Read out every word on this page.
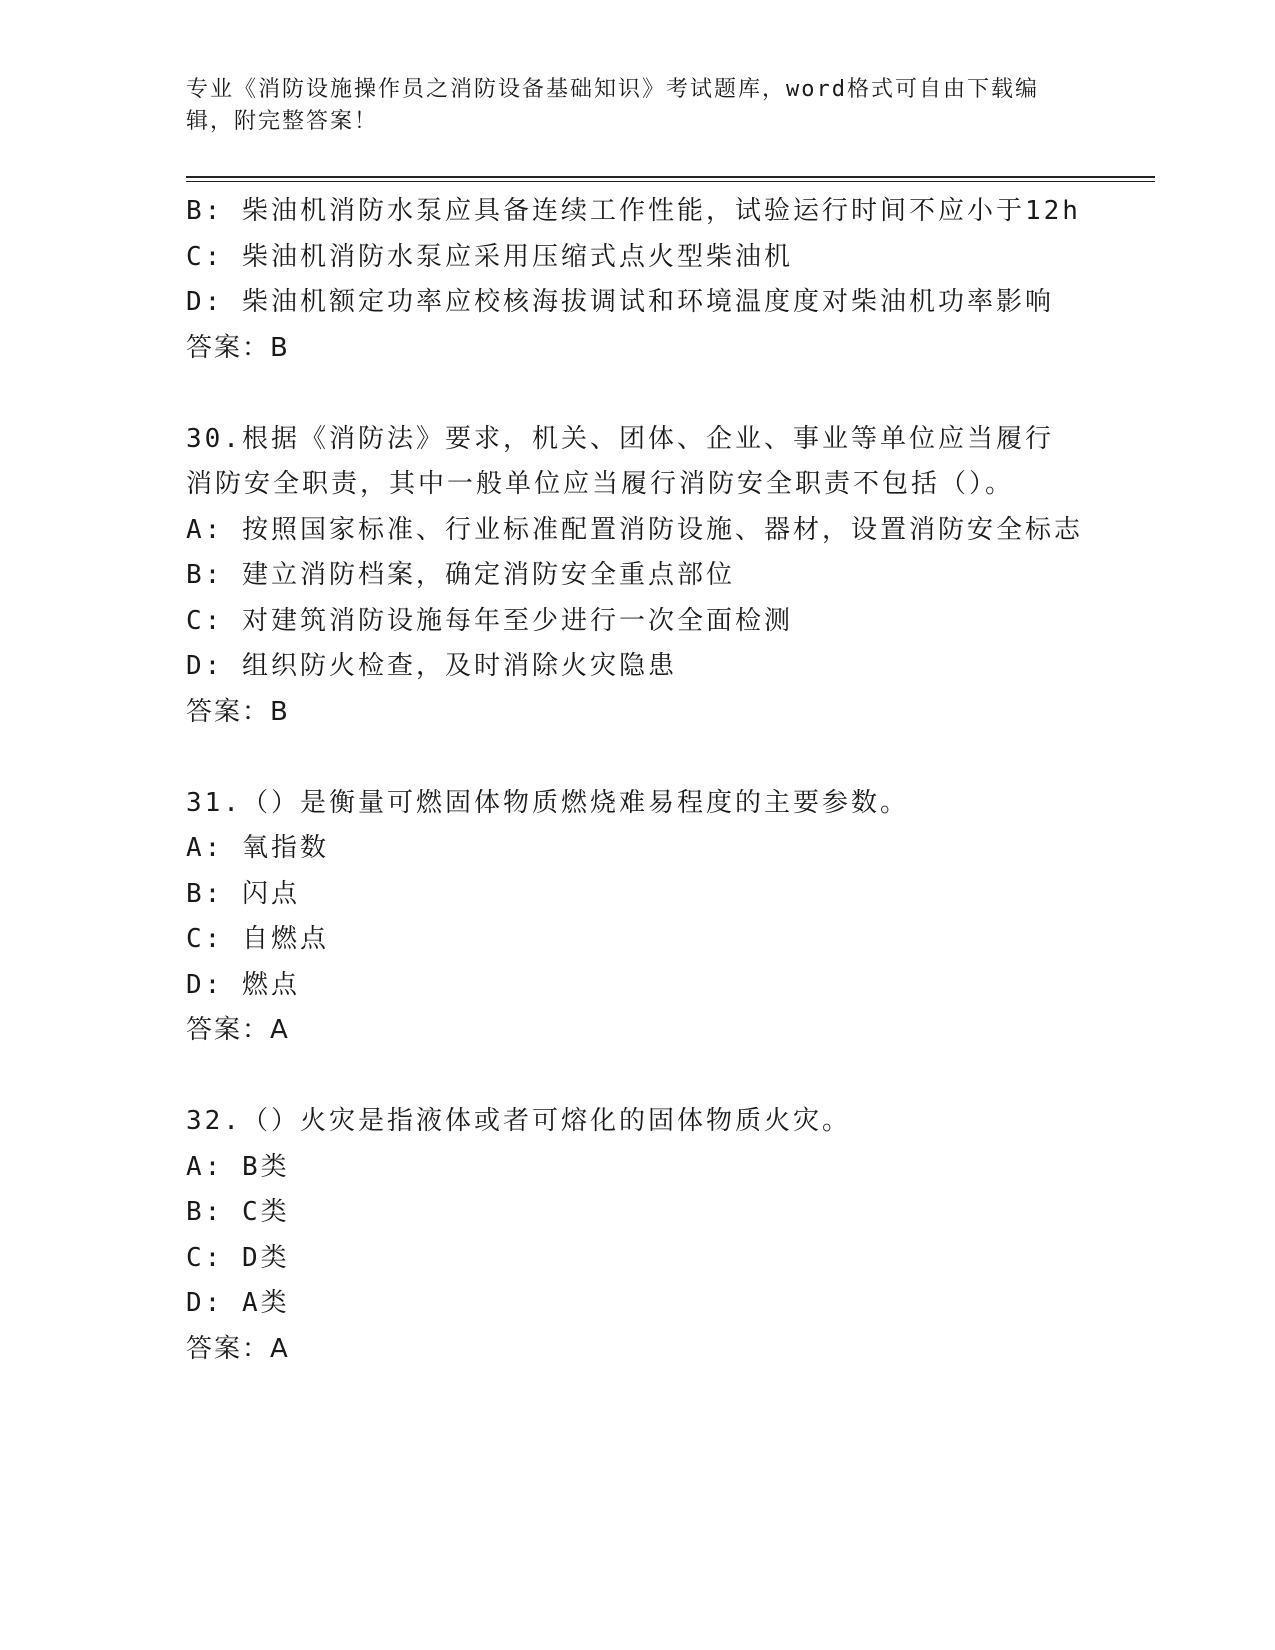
专业《消防设施操作员之消防设备基础知识》考试题库，word格式可自由下载编辑，附完整答案！
B: 柴油机消防水泵应具备连续工作性能，试验运行时间不应小于12h
C: 柴油机消防水泵应采用压缩式点火型柴油机
D: 柴油机额定功率应校核海拔调试和环境温度度对柴油机功率影响
答案：B
30.根据《消防法》要求，机关、团体、企业、事业等单位应当履行消防安全职责，其中一般单位应当履行消防安全职责不包括（）。
A: 按照国家标准、行业标准配置消防设施、器材，设置消防安全标志
B: 建立消防档案，确定消防安全重点部位
C: 对建筑消防设施每年至少进行一次全面检测
D: 组织防火检查，及时消除火灾隐患
答案：B
31.（）是衡量可燃固体物质燃烧难易程度的主要参数。
A: 氧指数
B: 闪点
C: 自燃点
D: 燃点
答案：A
32.（）火灾是指液体或者可熔化的固体物质火灾。
A: B类
B: C类
C: D类
D: A类
答案：A
